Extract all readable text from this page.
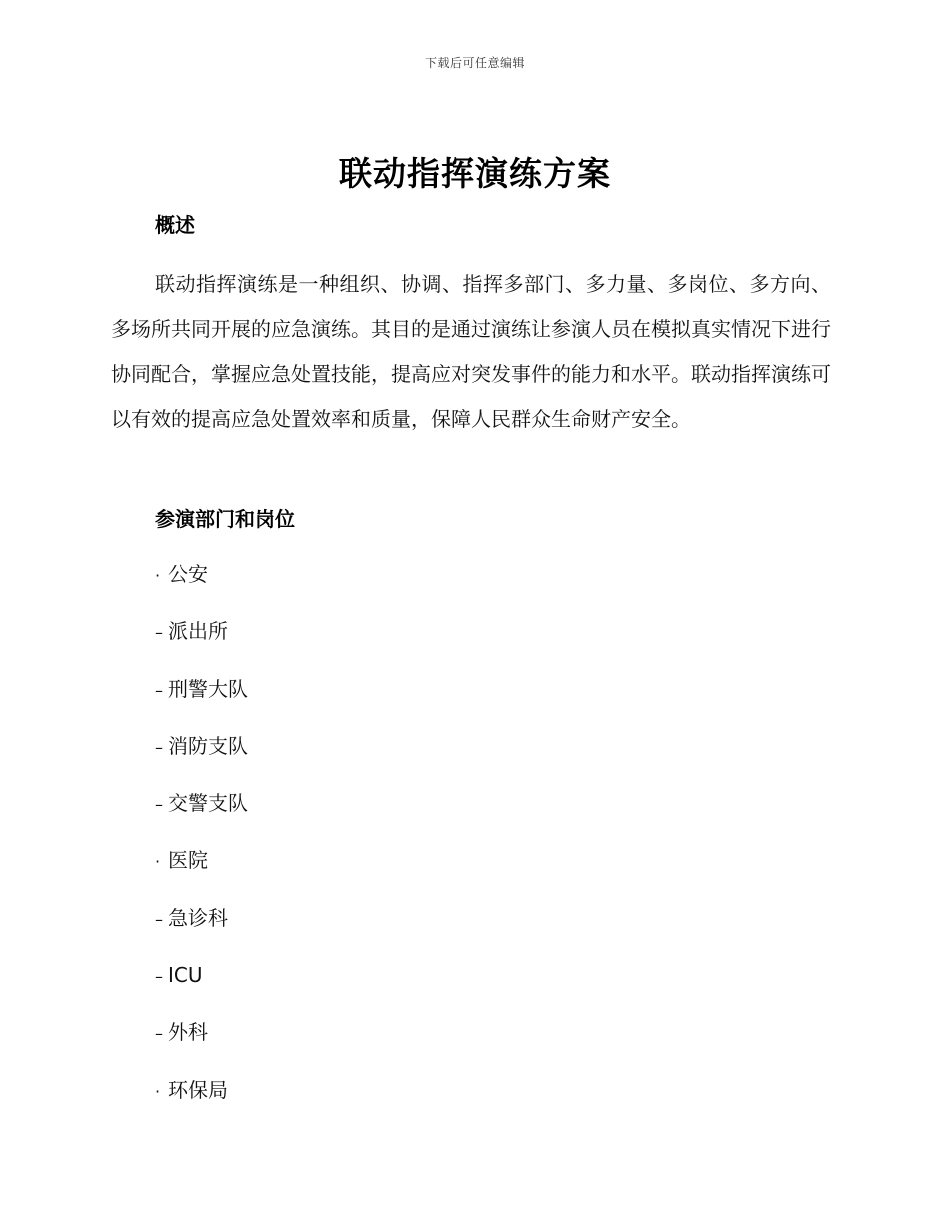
下载后可任意编辑
联动指挥演练方案
概述

联动指挥演练是一种组织、协调、指挥多部门、多力量、多岗位、多方向、多场所共同开展的应急演练。其目的是通过演练让参演人员在模拟真实情况下进行协同配合，掌握应急处置技能，提高应对突发事件的能力和水平。联动指挥演练可以有效的提高应急处置效率和质量，保障人民群众生命财产安全。

参演部门和岗位
· 公安
– 派出所
– 刑警大队
– 消防支队
– 交警支队
· 医院
– 急诊科
– ICU
– 外科
· 环保局
